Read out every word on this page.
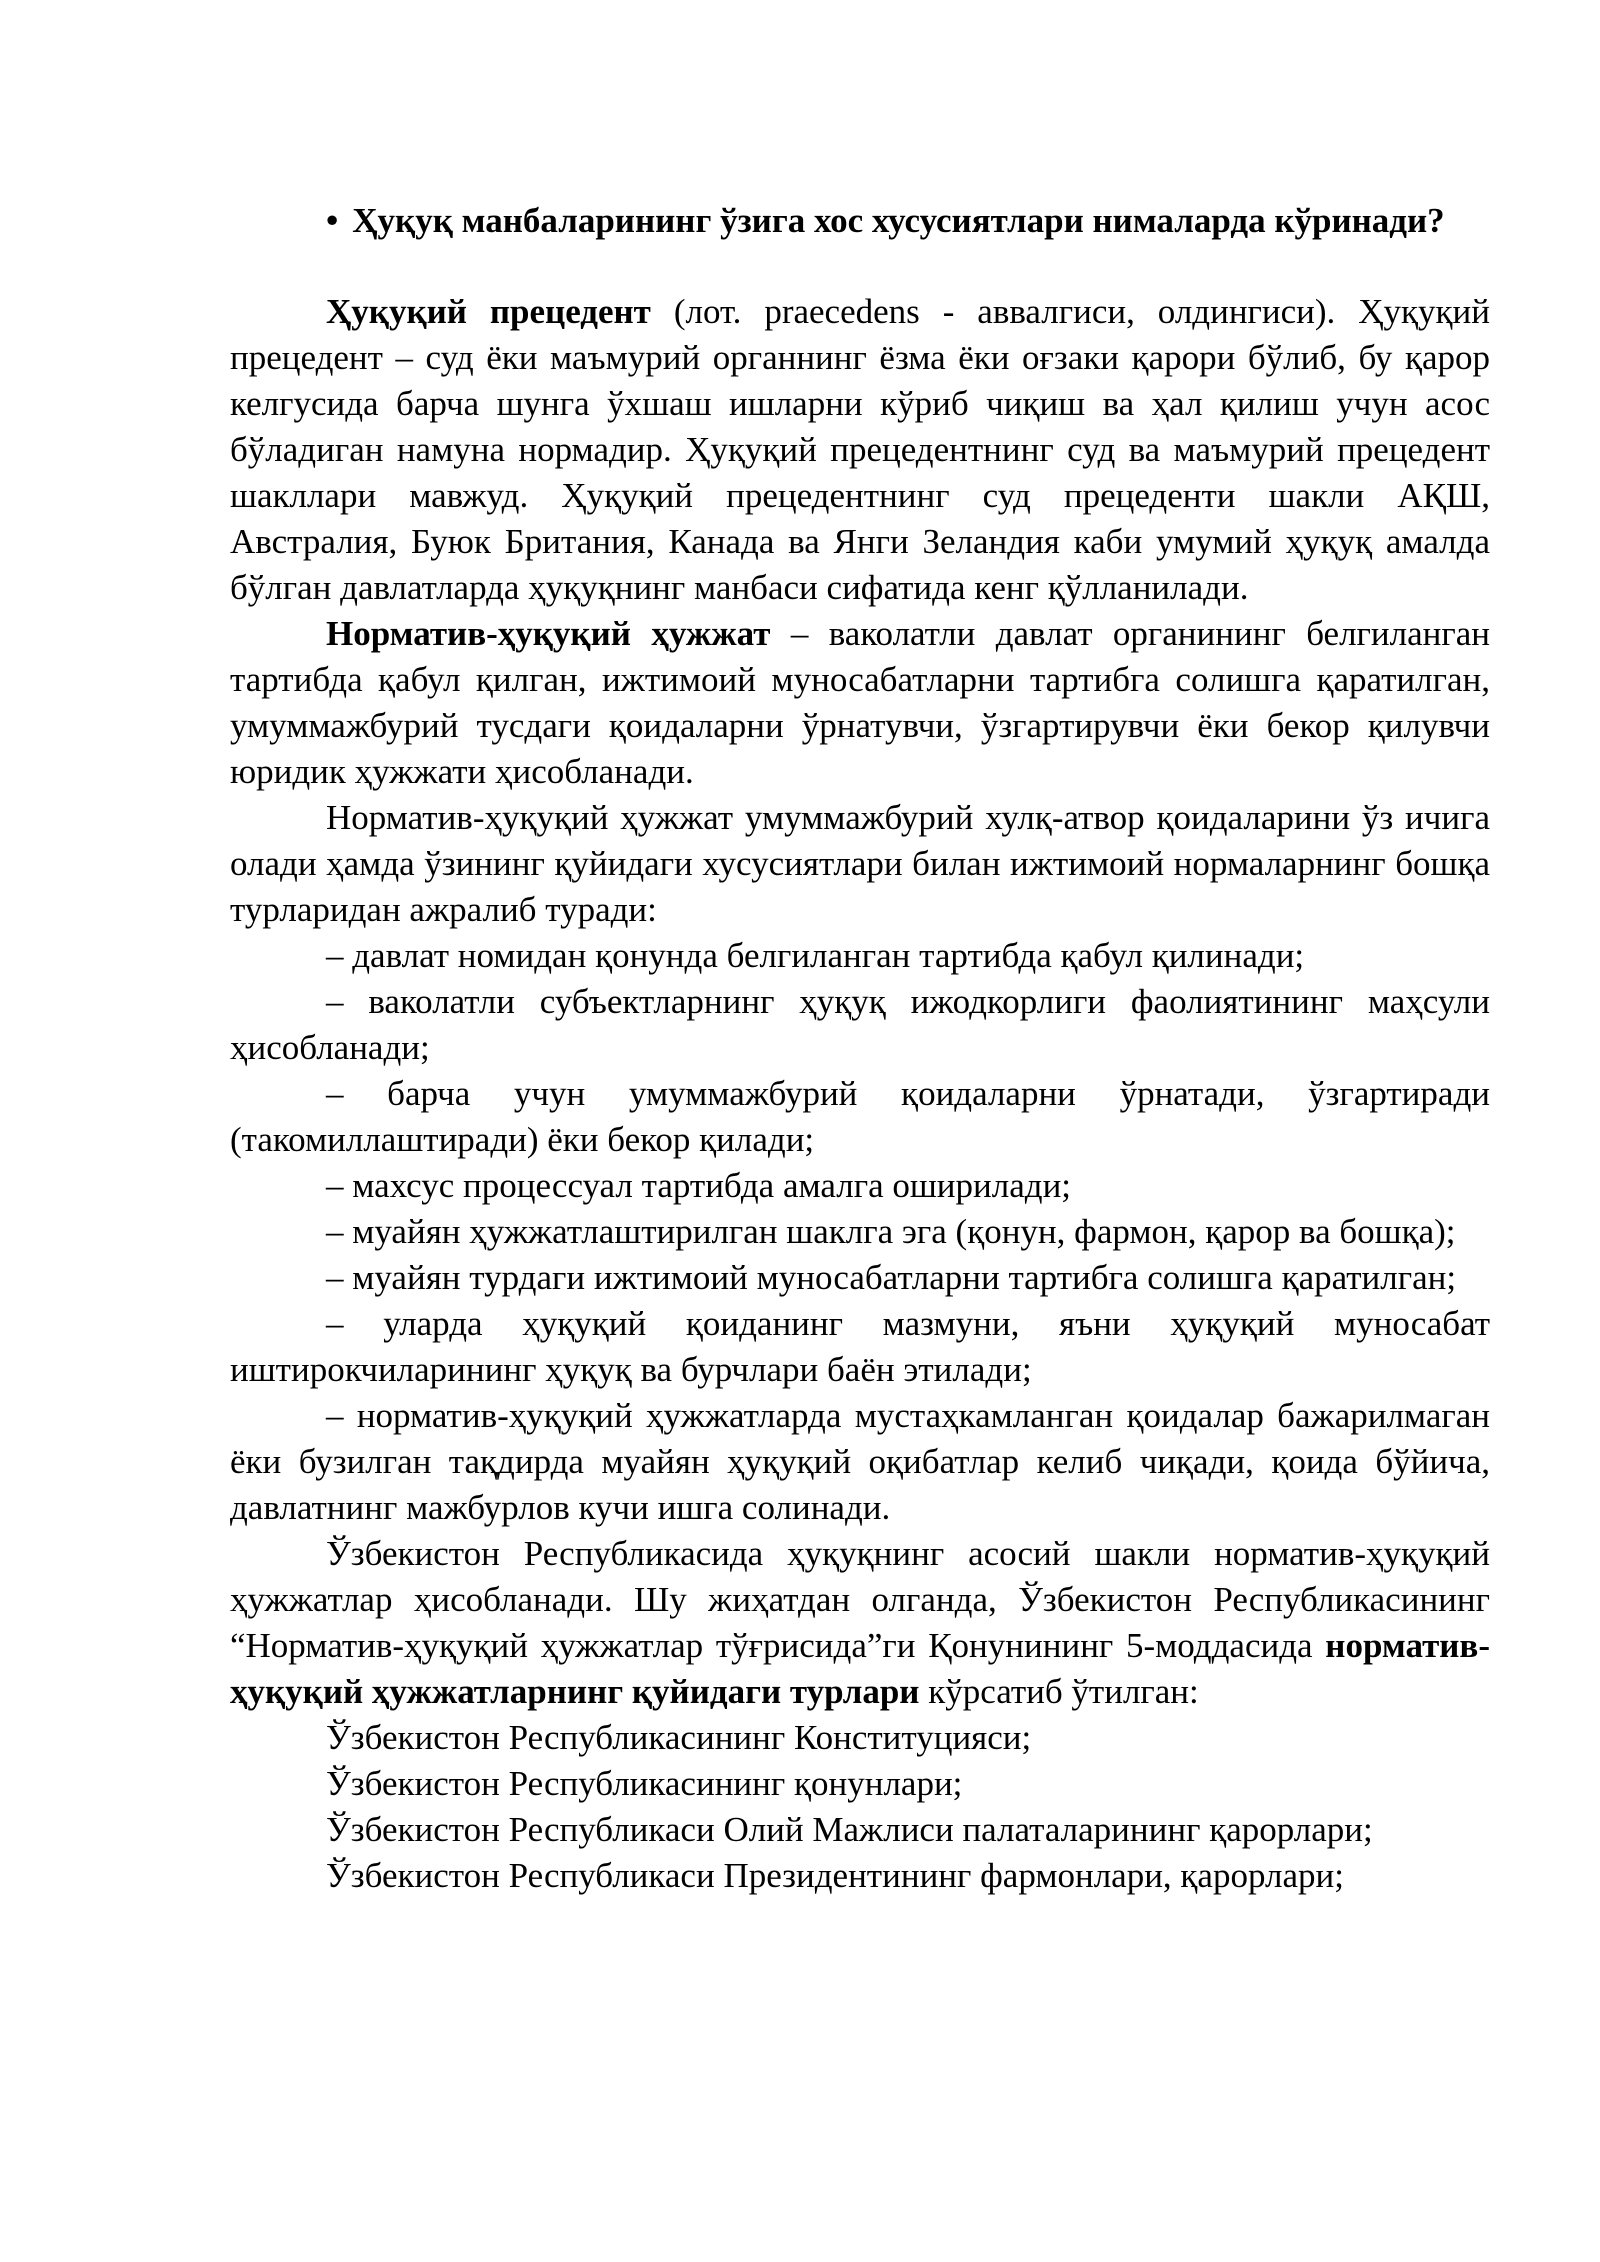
• Ҳуқуқ манбаларининг ўзига хос хусусиятлари нималарда кўринади?

Ҳуқуқий прецедент (лот. praecedens - аввалгиси, олдингиси). Ҳуқуқий прецедент – суд ёки маъмурий органнинг ёзма ёки оғзаки қарори бўлиб, бу қарор келгусида барча шунга ўхшаш ишларни кўриб чиқиш ва ҳал қилиш учун асос бўладиган намуна нормадир. Ҳуқуқий прецедентнинг суд ва маъмурий прецедент шакллари мавжуд. Ҳуқуқий прецедентнинг суд прецеденти шакли АҚШ, Австралия, Буюк Британия, Канада ва Янги Зеландия каби умумий ҳуқуқ амалда бўлган давлатларда ҳуқуқнинг манбаси сифатида кенг қўлланилади.

Норматив-ҳуқуқий ҳужжат – ваколатли давлат органининг белгиланган тартибда қабул қилган, ижтимоий муносабатларни тартибга солишга қаратилган, умуммажбурий тусдаги қоидаларни ўрнатувчи, ўзгартирувчи ёки бекор қилувчи юридик ҳужжати ҳисобланади.

Норматив-ҳуқуқий ҳужжат умуммажбурий хулқ-атвор қоидаларини ўз ичига олади ҳамда ўзининг қуйидаги хусусиятлари билан ижтимоий нормаларнинг бошқа турларидан ажралиб туради:

– давлат номидан қонунда белгиланган тартибда қабул қилинади;

– ваколатли субъектларнинг ҳуқуқ ижодкорлиги фаолиятининг маҳсули ҳисобланади;

– барча учун умуммажбурий қоидаларни ўрнатади, ўзгартиради (такомиллаштиради) ёки бекор қилади;

– махсус процессуал тартибда амалга оширилади;

– муайян ҳужжатлаштирилган шаклга эга (қонун, фармон, қарор ва бошқа);

– муайян турдаги ижтимоий муносабатларни тартибга солишга қаратилган;

– уларда ҳуқуқий қоиданинг мазмуни, яъни ҳуқуқий муносабат иштирокчиларининг ҳуқуқ ва бурчлари баён этилади;

– норматив-ҳуқуқий ҳужжатларда мустаҳкамланган қоидалар бажарилмаган ёки бузилган тақдирда муайян ҳуқуқий оқибатлар келиб чиқади, қоида бўйича, давлатнинг мажбурлов кучи ишга солинади.

Ўзбекистон Республикасида ҳуқуқнинг асосий шакли норматив-ҳуқуқий ҳужжатлар ҳисобланади. Шу жиҳатдан олганда, Ўзбекистон Республикасининг “Норматив-ҳуқуқий ҳужжатлар тўғрисида”ги Қонунининг 5-моддасида норматив-ҳуқуқий ҳужжатларнинг қуйидаги турлари кўрсатиб ўтилган:

Ўзбекистон Республикасининг Конституцияси;

Ўзбекистон Республикасининг қонунлари;

Ўзбекистон Республикаси Олий Мажлиси палаталарининг қарорлари;

Ўзбекистон Республикаси Президентининг фармонлари, қарорлари;
